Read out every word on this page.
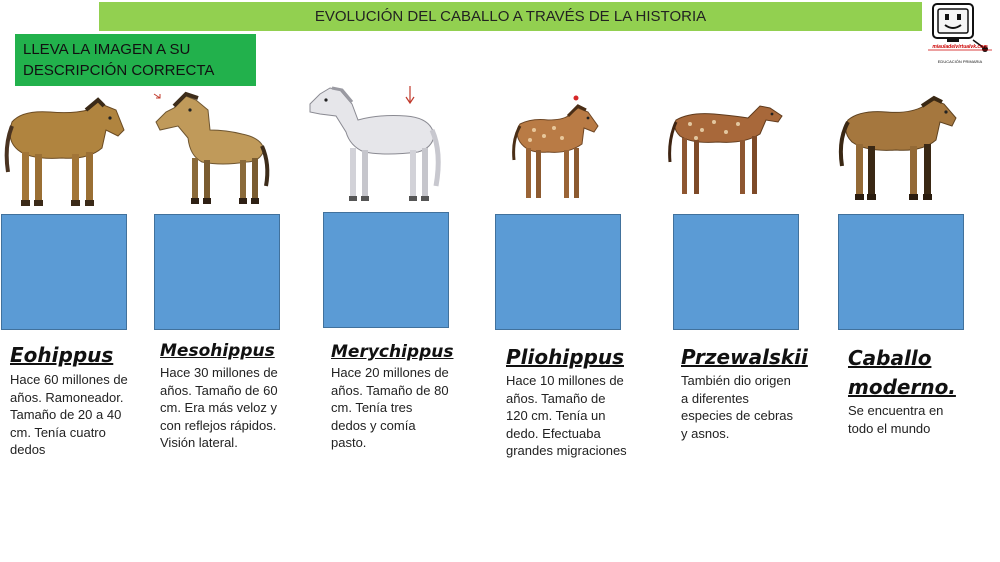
EVOLUCIÓN DEL CABALLO A TRAVÉS DE LA HISTORIA
LLEVA LA IMAGEN A SU DESCRIPCIÓN CORRECTA
miauladelvirtualvk.com
EDUCACIÓN PRIMARIA
Eohippus	Mesohippus	Merychippus	Pliohippus	Przewalskii Caballo moderno.
Hace 60 millones de años. Ramoneador. Tamaño de 20 a 40 cm. Tenía cuatro dedos
Hace 30 millones de años. Tamaño de 60 cm. Era más veloz y con reflejos rápidos. Visión lateral.
Hace 20 millones de años. Tamaño de 80 cm. Tenía tres dedos y comía pasto.
Hace 10 millones de años. Tamaño de 120 cm. Tenía un dedo. Efectuaba grandes migraciones
También dio origen a diferentes especies de cebras y asnos.
Se encuentra en todo el mundo
